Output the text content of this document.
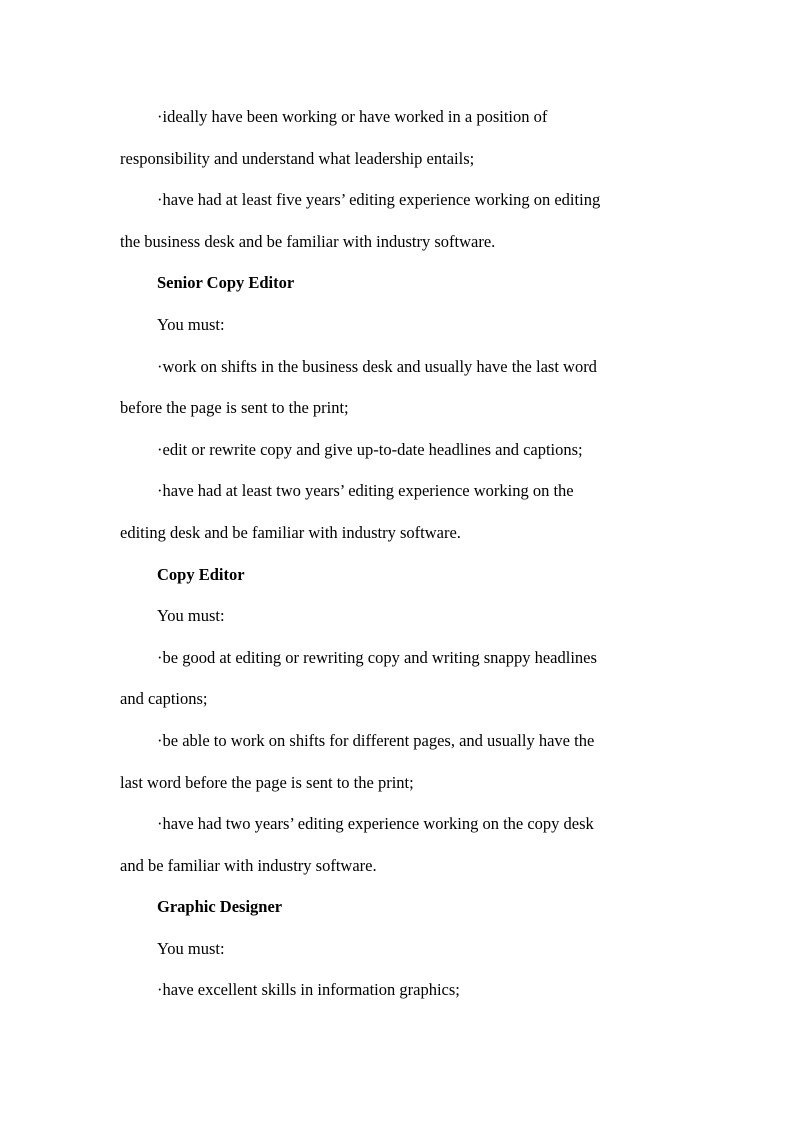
·ideally have been working or have worked in a position of
responsibility and understand what leadership entails;
·have had at least five years’ editing experience working on editing
the business desk and be familiar with industry software.
Senior Copy Editor
You must:
·work on shifts in the business desk and usually have the last word
before the page is sent to the print;
·edit or rewrite copy and give up-to-date headlines and captions;
·have had at least two years’ editing experience working on the
editing desk and be familiar with industry software.
Copy Editor
You must:
·be good at editing or rewriting copy and writing snappy headlines
and captions;
·be able to work on shifts for different pages, and usually have the
last word before the page is sent to the print;
·have had two years’ editing experience working on the copy desk
and be familiar with industry software.
Graphic Designer
You must:
·have excellent skills in information graphics;
